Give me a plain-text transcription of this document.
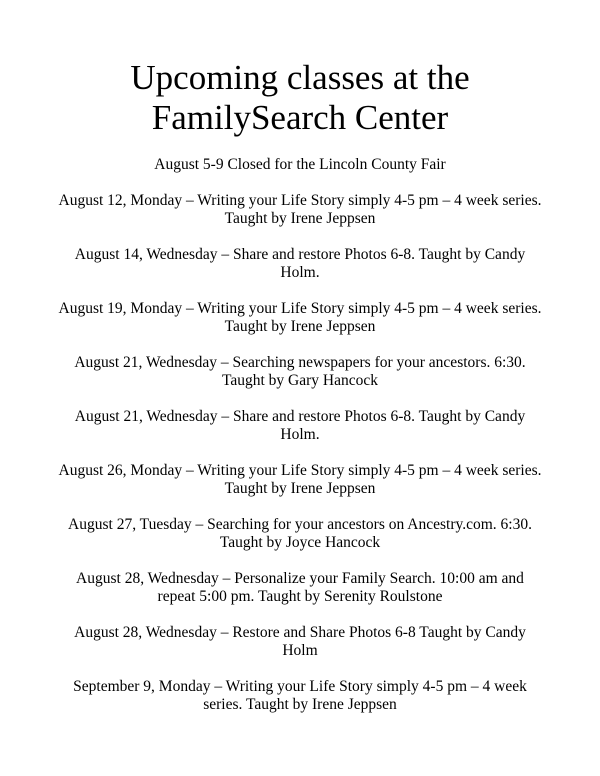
Upcoming classes at the
FamilySearch Center

August 5-9 Closed for the Lincoln County Fair

August 12, Monday – Writing your Life Story simply 4-5 pm – 4 week series.
Taught by Irene Jeppsen
August 14, Wednesday – Share and restore Photos 6-8. Taught by Candy
Holm.
August 19, Monday – Writing your Life Story simply 4-5 pm – 4 week series.
Taught by Irene Jeppsen
August 21, Wednesday – Searching newspapers for your ancestors. 6:30.
Taught by Gary Hancock
August 21, Wednesday – Share and restore Photos 6-8. Taught by Candy
Holm.
August 26, Monday – Writing your Life Story simply 4-5 pm – 4 week series.
Taught by Irene Jeppsen
August 27, Tuesday – Searching for your ancestors on Ancestry.com. 6:30.
Taught by Joyce Hancock
August 28, Wednesday – Personalize your Family Search. 10:00 am and
repeat 5:00 pm. Taught by Serenity Roulstone
August 28, Wednesday – Restore and Share Photos 6-8 Taught by Candy
Holm
September 9, Monday – Writing your Life Story simply 4-5 pm – 4 week
series. Taught by Irene Jeppsen
